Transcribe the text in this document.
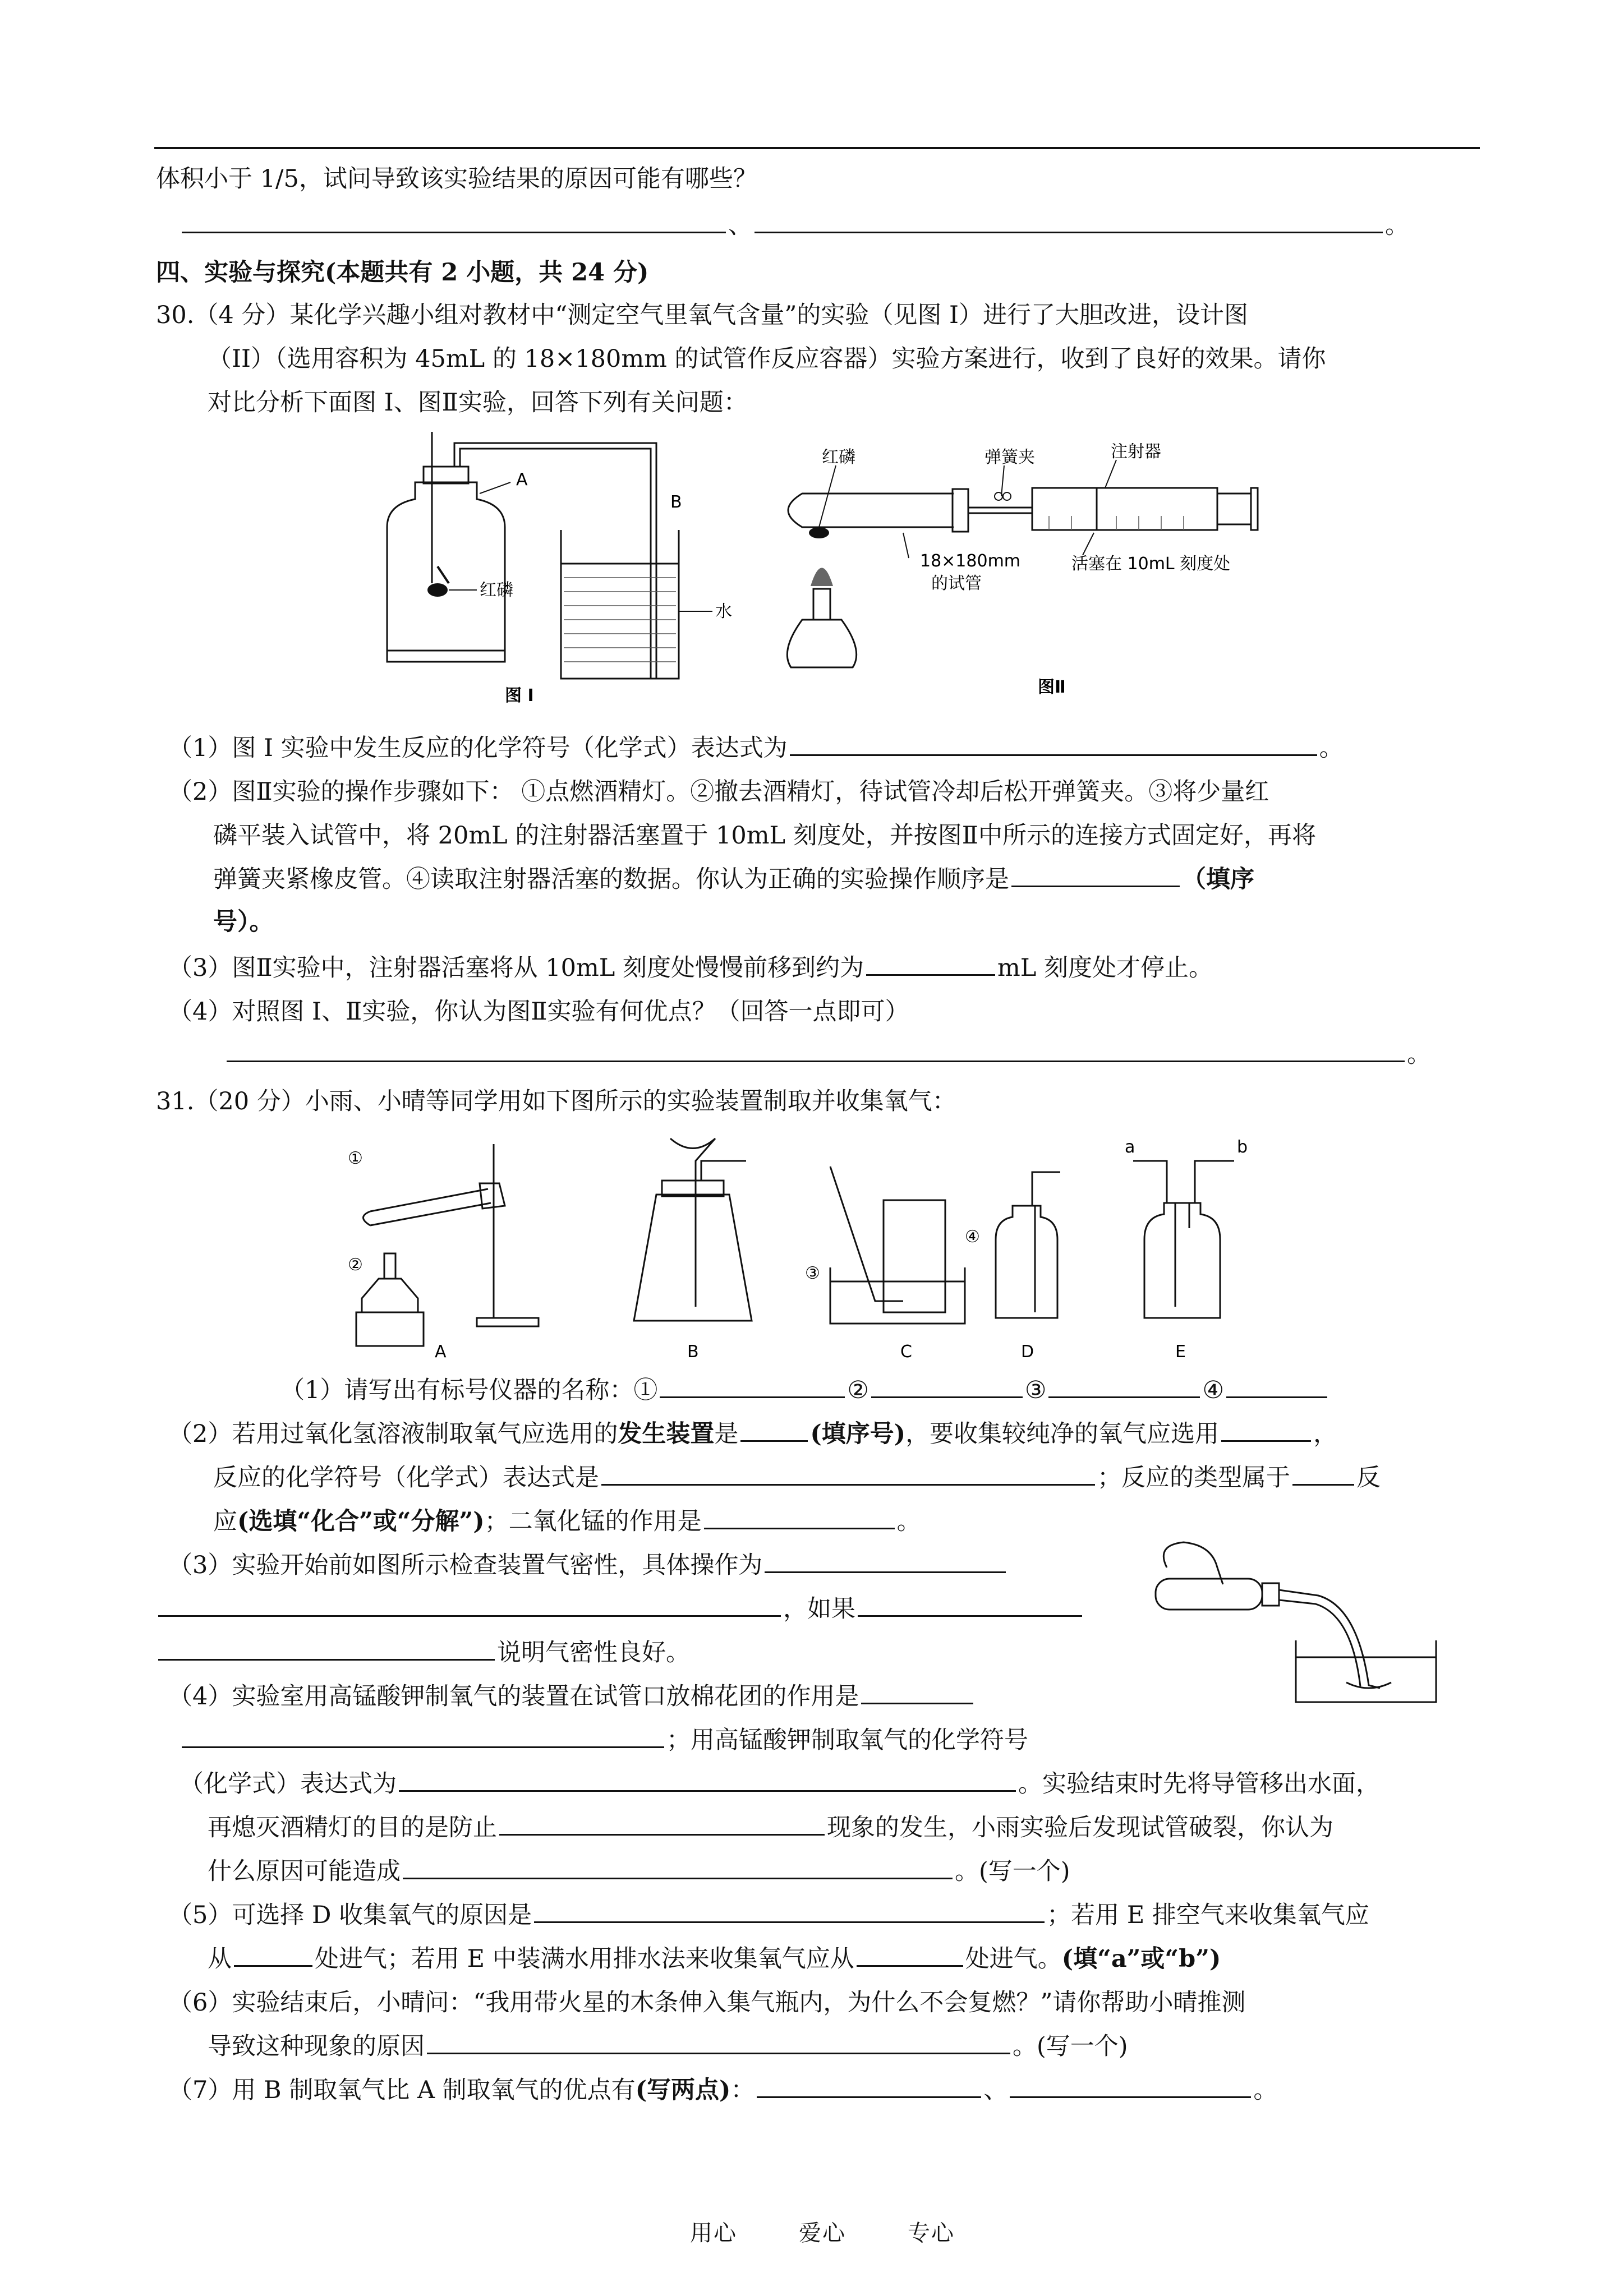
体积小于 1/5，试问导致该实验结果的原因可能有哪些？
、	。
四、实验与探究(本题共有 2 小题，共 24 分)
30.（4 分）某化学兴趣小组对教材中“测定空气里氧气含量”的实验（见图 I）进行了大胆改进，设计图
（II）（选用容积为 45mL 的 18×180mm 的试管作反应容器）实验方案进行，收到了良好的效果。请你
对比分析下面图 I、图Ⅱ实验，回答下列有关问题：
A
B
红磷
水
图 I
红磷	弹簧夹	注射器
18×180mm
的试管
活塞在 10mL 刻度处
图Ⅱ
（1）图 I 实验中发生反应的化学符号（化学式）表达式为	。
（2）图Ⅱ实验的操作步骤如下： ①点燃酒精灯。②撤去酒精灯，待试管冷却后松开弹簧夹。③将少量红
磷平装入试管中，将 20mL 的注射器活塞置于 10mL 刻度处，并按图Ⅱ中所示的连接方式固定好，再将
弹簧夹紧橡皮管。④读取注射器活塞的数据。你认为正确的实验操作顺序是	（填序
号）。
（3）图Ⅱ实验中，注射器活塞将从 10mL 刻度处慢慢前移到约为	mL 刻度处才停止。
（4）对照图 I、Ⅱ实验，你认为图Ⅱ实验有何优点？（回答一点即可）
。
31.（20 分）小雨、小晴等同学用如下图所示的实验装置制取并收集氧气：
①
②	③
④
a	b
A	B	C	D	E
（1）请写出有标号仪器的名称：①	②	③	④
（2）若用过氧化氢溶液制取氧气应选用的发生装置是	(填序号)，要收集较纯净的氧气应选用	，
反应的化学符号（化学式）表达式是	；反应的类型属于	反
应(选填“化合”或“分解”)；二氧化锰的作用是	。
（3）实验开始前如图所示检查装置气密性，具体操作为
，如果
说明气密性良好。
（4）实验室用高锰酸钾制氧气的装置在试管口放棉花团的作用是
；用高锰酸钾制取氧气的化学符号
（化学式）表达式为	。实验结束时先将导管移出水面，
再熄灭酒精灯的目的是防止	现象的发生，小雨实验后发现试管破裂，你认为
什么原因可能造成	。(写一个)
（5）可选择 D 收集氧气的原因是	；若用 E 排空气来收集氧气应
从	处进气；若用 E 中装满水用排水法来收集氧气应从	处进气。(填“a”或“b”)
（6）实验结束后，小晴问：“我用带火星的木条伸入集气瓶内，为什么不会复燃？”请你帮助小晴推测
导致这种现象的原因	。(写一个)
（7）用 B 制取氧气比 A 制取氧气的优点有(写两点)：	、	。
用心	爱心	专心
